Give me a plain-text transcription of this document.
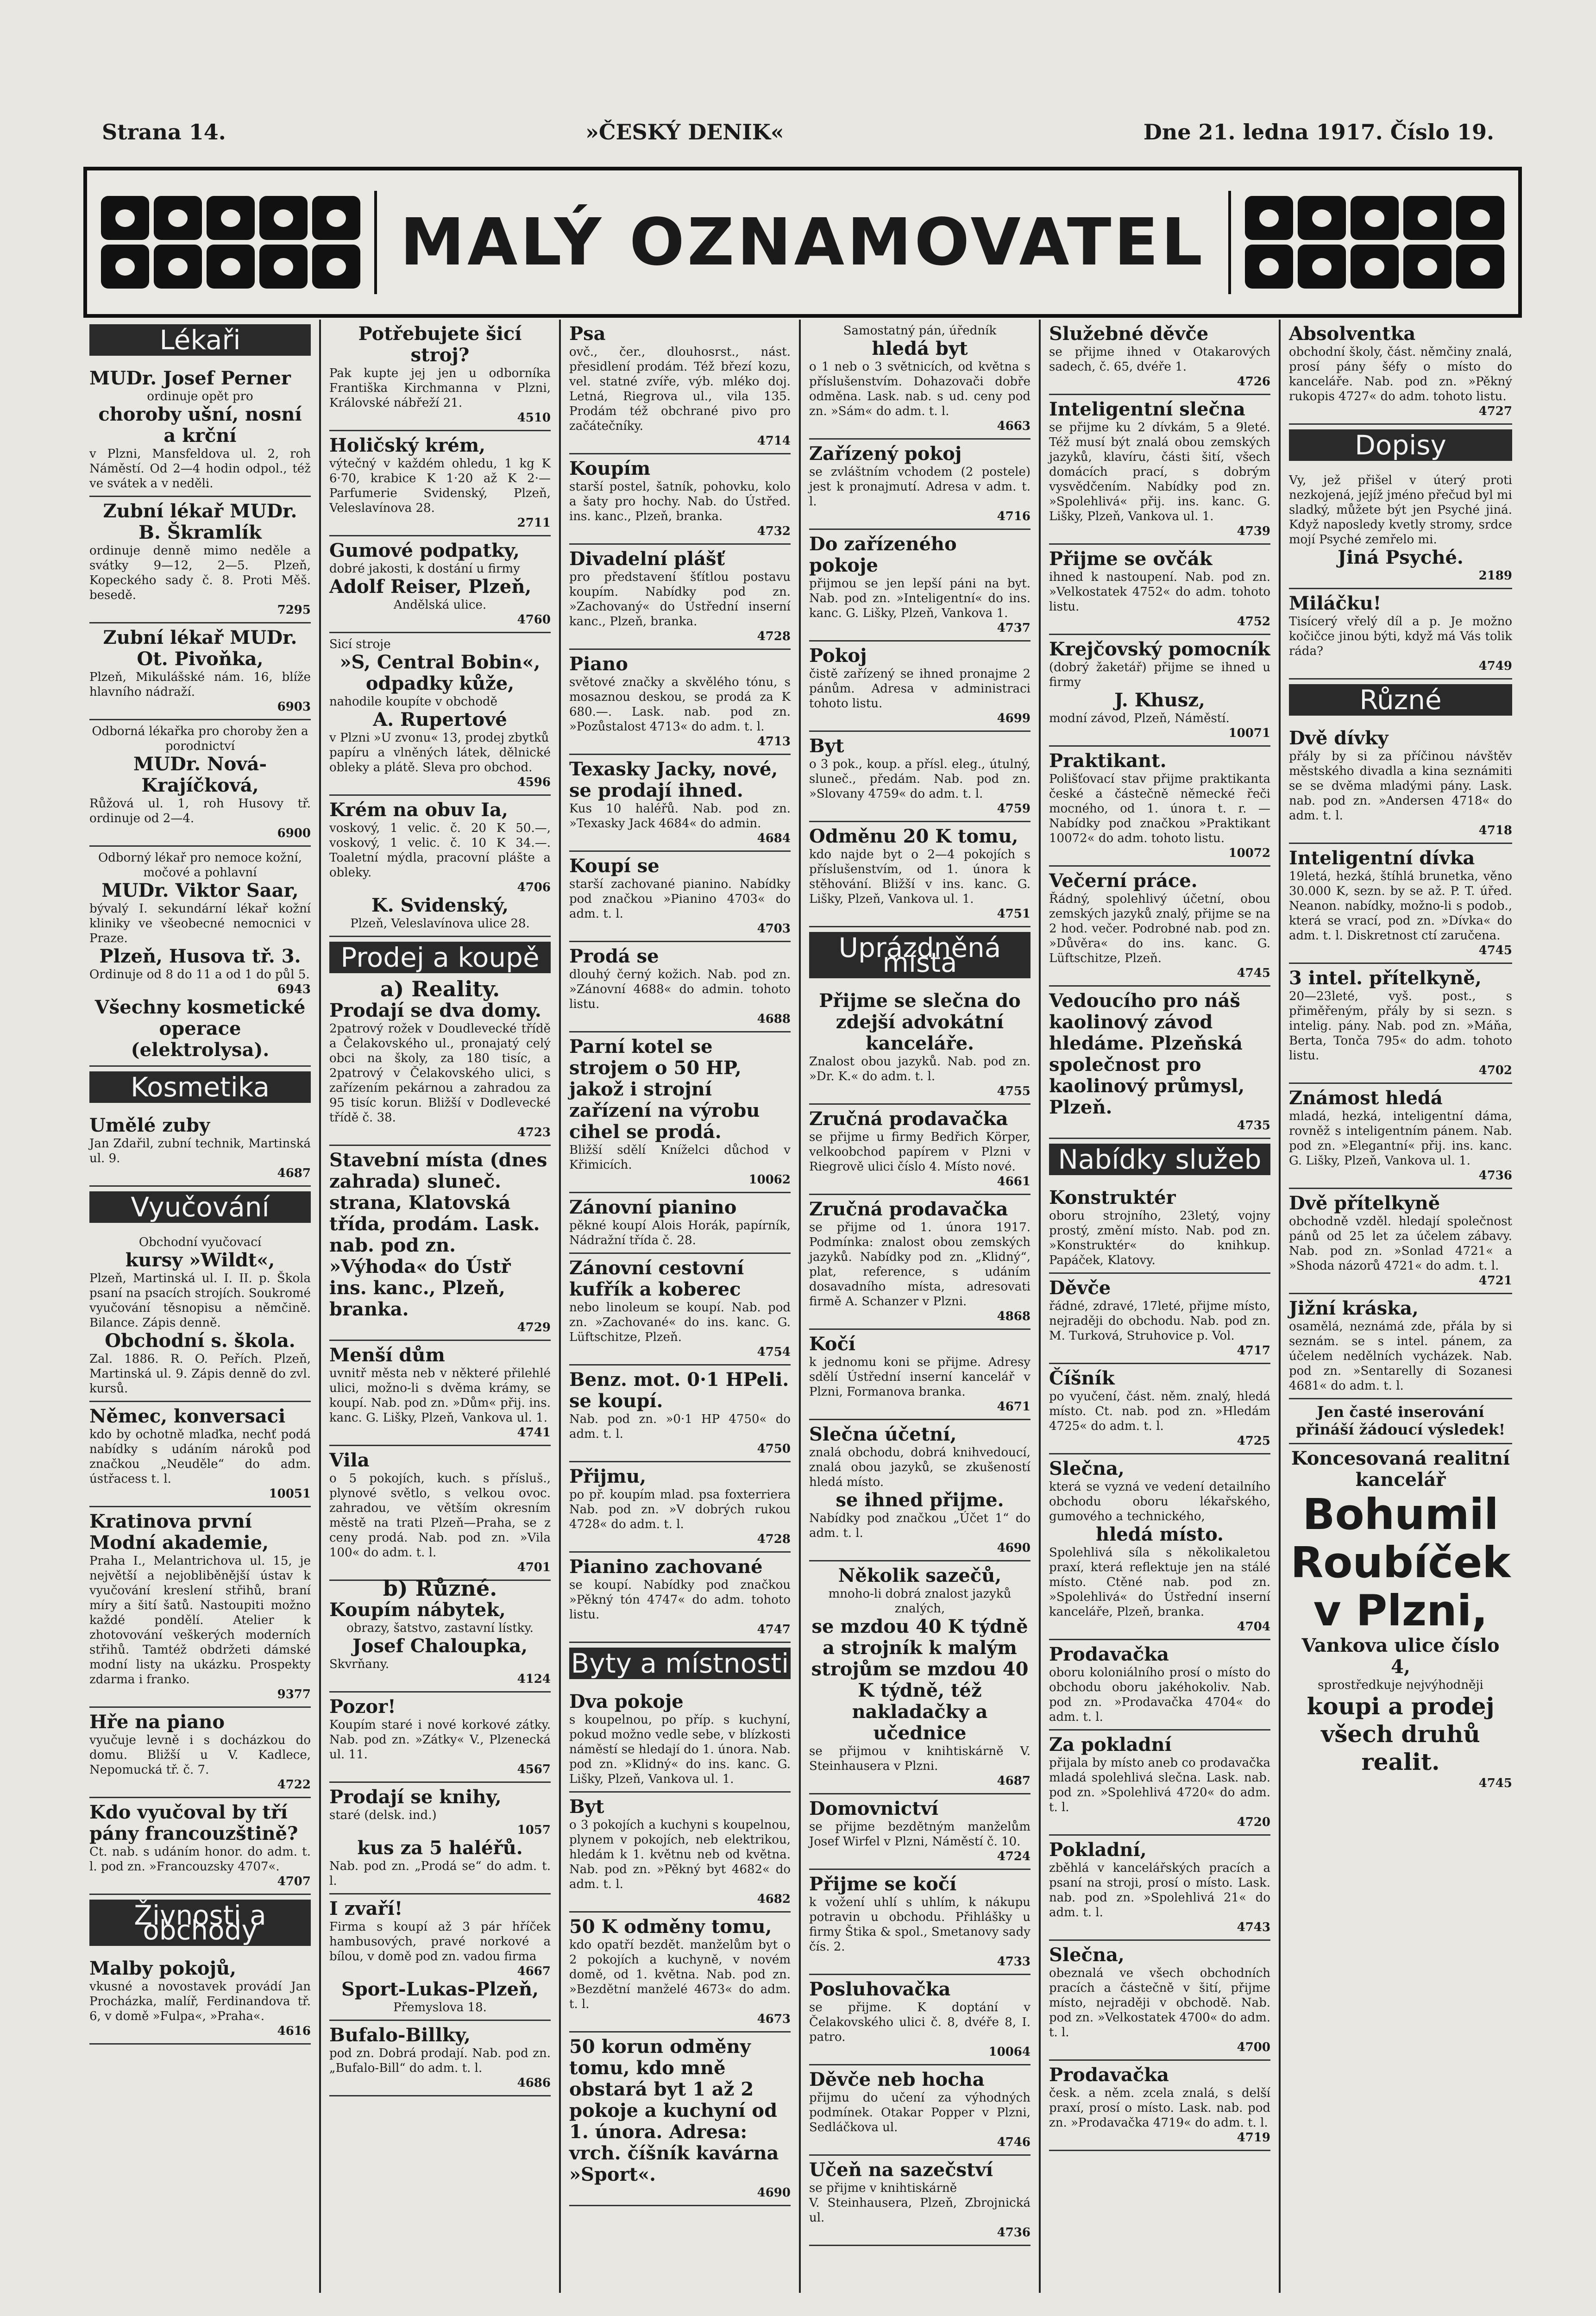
Strana 14.	»ČESKÝ DENIK«	Dne 21. ledna 1917. Číslo 19.
MALÝ OZNAMOVATEL
Lékaři
MUDr. Josef Perner
ordinuje opět pro
choroby ušní, nosní a krční
v Plzni, Mansfeldova ul. 2, roh Náměstí. Od 2—4 hodin odpol., též ve svátek a v neděli.
Zubní lékař MUDr. B. Škramlík
ordinuje denně mimo neděle a svátky 9—12, 2—5. Plzeň, Kopeckého sady č. 8. Proti Měš. besedě.
7295
Zubní lékař MUDr. Ot. Pivoňka,
Plzeň, Mikulášské nám. 16, blíže hlavního nádraží.
6903
Odborná lékařka pro choroby žen a porodnictví
MUDr. Nová-Krajíčková,
Růžová ul. 1, roh Husovy tř. ordinuje od 2—4.
6900
Odborný lékař pro nemoce kožní, močové a pohlavní
MUDr. Viktor Saar,
bývalý I. sekundární lékař kožní kliniky ve všeobecné nemocnici v Praze.
Plzeň, Husova tř. 3.
Ordinuje od 8 do 11 a od 1 do půl 5.
6943
Všechny kosmetické operace (elektrolysa).
Kosmetika
Umělé zuby
Jan Zdařil, zubní technik, Martinská ul. 9.
4687
Vyučování
Obchodní vyučovací
kursy »Wildt«,
Plzeň, Martinská ul. I. II. p. Škola psaní na psacích strojích. Soukromé vyučování těsnopisu a němčině. Bilance. Zápis denně.
Obchodní s. škola.
Zal. 1886. R. O. Peřích. Plzeň, Martinská ul. 9. Zápis denně do zvl. kursů.
Němec, konversaci
kdo by ochotně mlaďka, nechť podá nabídky s udáním nároků pod značkou „Neuděle“ do adm. ústřacess t. l.
10051
Kratinova první Modní akademie,
Praha I., Melantrichova ul. 15, je největší a nejobliběnější ústav k vyučování kreslení střihů, braní míry a šití šatů. Nastoupiti možno každé pondělí. Atelier k zhotovování veškerých moderních střihů. Tamtéž obdržeti dámské modní listy na ukázku. Prospekty zdarma i franko.
9377
Hře na piano
vyučuje levně i s docházkou do domu. Bližší u V. Kadlece, Nepomucká tř. č. 7.
4722
Kdo vyučoval by tří pány francouzštině?
Ct. nab. s udáním honor. do adm. t. l. pod zn. »Francouzsky 4707«.
4707
Živnosti a obchody
Malby pokojů,
vkusné a novostavek provádí Jan Procházka, malíř, Ferdinandova tř. 6, v domě »Fulpa«, »Praha«.
4616
Potřebujete šicí stroj?
Pak kupte jej jen u odborníka Františka Kirchmanna v Plzni, Královské nábřeží 21.
4510
Holičský krém,
výtečný v každém ohledu, 1 kg K 6·70, krabice K 1·20 až K 2·— Parfumerie Svidenský, Plzeň, Veleslavínova 28.
2711
Gumové podpatky,
dobré jakosti, k dostání u firmy
Adolf Reiser, Plzeň,
Andělská ulice.
4760
Sicí stroje
»S, Central Bobin«, odpadky kůže,
nahodile koupíte v obchodě
A. Rupertové
v Plzni »U zvonu« 13, prodej zbytků
papíru a vlněných látek, dělnické obleky a plátě. Sleva pro obchod.
4596
Krém na obuv Ia,
voskový, 1 velic. č. 20 K 50.—, voskový, 1 velic. č. 10 K 34.—. Toaletní mýdla, pracovní plášte a obleky.
4706
K. Svidenský,
Plzeň, Veleslavínova ulice 28.
Prodej a koupě
a) Reality.
Prodají se dva domy.
2patrový rožek v Doudlevecké třídě a Čelakovského ul., pronajatý celý obci na školy, za 180 tisíc, a 2patrový v Čelakovského ulici, s zařízením pekárnou a zahradou za 95 tisíc korun. Bližší v Dodlevecké třídě č. 38.
4723
Stavební místa (dnes zahrada) sluneč. strana, Klatovská třída, prodám. Lask. nab. pod zn. »Výhoda« do Ústř ins. kanc., Plzeň, branka.
4729
Menší dům
uvnitř města neb v některé přilehlé ulici, možno-li s dvěma krámy, se koupí. Nab. pod zn. »Dům« přij. ins. kanc. G. Lišky, Plzeň, Vankova ul. 1.
4741
Vila
o 5 pokojích, kuch. s přísluš., plynové světlo, s velkou ovoc. zahradou, ve větším okresním městě na trati Plzeň—Praha, se z ceny prodá. Nab. pod zn. »Vila 100« do adm. t. l.
4701
b) Různé.
Koupím nábytek,
obrazy, šatstvo, zastavní lístky.
Josef Chaloupka,
Skvrňany.
4124
Pozor!
Koupím staré i nové korkové zátky. Nab. pod zn. »Zátky« V., Plzenecká ul. 11.
4567
Prodají se knihy,
staré (delsk. ind.)
1057
kus za 5 haléřů.
Nab. pod zn. „Prodá se“ do adm. t. l.
I zvaří!
Firma s koupí až 3 pár hříček hambusových, pravé norkové a bílou, v domě pod zn. vadou firma
4667
Sport-Lukas-Plzeň,
Přemyslova 18.
Bufalo-Billky,
pod zn. Dobrá prodají. Nab. pod zn. „Bufalo-Bill“ do adm. t. l.
4686
Psa
ovč., čer., dlouhosrst., nást. přesidlení prodám. Též březí kozu, vel. statné zvíře, výb. mléko doj. Letná, Riegrova ul., vila 135. Prodám též obchrané pivo pro začátečníky.
4714
Koupím
starší postel, šatník, pohovku, kolo a šaty pro hochy. Nab. do Ústřed. ins. kanc., Plzeň, branka.
4732
Divadelní plášť
pro představení šťítlou postavu koupím. Nabídky pod zn. »Zachovaný« do Ústřední inserní kanc., Plzeň, branka.
4728
Piano
světové značky a skvělého tónu, s mosaznou deskou, se prodá za K 680.—. Lask. nab. pod zn. »Pozůstalost 4713« do adm. t. l.
4713
Texasky Jacky, nové, se prodají ihned.
Kus 10 haléřů. Nab. pod zn. »Texasky Jack 4684« do admin.
4684
Koupí se
starší zachované pianino. Nabídky pod značkou »Pianino 4703« do adm. t. l.
4703
Prodá se
dlouhý černý kožich. Nab. pod zn. »Zánovní 4688« do admin. tohoto listu.
4688
Parní kotel se strojem o 50 HP, jakož i strojní zařízení na výrobu cihel se prodá.
Bližší sdělí Kníželci důchod v Křimicích.
10062
Zánovní pianino
pěkné koupí Alois Horák, papírník, Nádražní třída č. 28.
Zánovní cestovní kufřík a koberec
nebo linoleum se koupí. Nab. pod zn. »Zachované« do ins. kanc. G. Lüftschitze, Plzeň.
4754
Benz. mot. 0·1 HPeli. se koupí.
Nab. pod zn. »0·1 HP 4750« do adm. t. l.
4750
Přijmu,
po př. koupím mlad. psa foxterriera Nab. pod zn. »V dobrých rukou 4728« do adm. t. l.
4728
Pianino zachované
se koupí. Nabídky pod značkou »Pěkný tón 4747« do adm. tohoto listu.
4747
Byty a místnosti
Dva pokoje
s koupelnou, po příp. s kuchyní, pokud možno vedle sebe, v blízkosti náměstí se hledají do 1. února. Nab. pod zn. »Klidný« do ins. kanc. G. Lišky, Plzeň, Vankova ul. 1.
Byt
o 3 pokojích a kuchyni s koupelnou, plynem v pokojích, neb elektrikou, hledám k 1. květnu neb od května. Nab. pod zn. »Pěkný byt 4682« do adm. t. l.
4682
50 K odměny tomu,
kdo opatří bezdět. manželům byt o 2 pokojích a kuchyně, v novém domě, od 1. května. Nab. pod zn. »Bezdětní manželé 4673« do adm. t. l.
4673
50 korun odměny tomu, kdo mně obstará byt 1 až 2 pokoje a kuchyní od 1. února. Adresa: vrch. číšník kavárna »Sport«.
4690
Samostatný pán, úředník
hledá byt
o 1 neb o 3 světnicích, od května s příslušenstvím. Dohazovači dobře odměna. Lask. nab. s ud. ceny pod zn. »Sám« do adm. t. l.
4663
Zařízený pokoj
se zvláštním vchodem (2 postele) jest k pronajmutí. Adresa v adm. t. l.
4716
Do zařízeného pokoje
přijmou se jen lepší páni na byt. Nab. pod zn. »Inteligentní« do ins. kanc. G. Lišky, Plzeň, Vankova 1.
4737
Pokoj
čistě zařízený se ihned pronajme 2 pánům. Adresa v administraci tohoto listu.
4699
Byt
o 3 pok., koup. a přísl. eleg., útulný, sluneč., předám. Nab. pod zn. »Slovany 4759« do adm. t. l.
4759
Odměnu 20 K tomu,
kdo najde byt o 2—4 pokojích s příslušenstvím, od 1. února k stěhování. Bližší v ins. kanc. G. Lišky, Plzeň, Vankova ul. 1.
4751
Uprázdněná místa
Přijme se slečna do zdejší advokátní kanceláře.
Znalost obou jazyků. Nab. pod zn. »Dr. K.« do adm. t. l.
4755
Zručná prodavačka
se přijme u firmy Bedřich Körper, velkoobchod papírem v Plzni v Riegrově ulici číslo 4. Místo nové.
4661
Zručná prodavačka
se přijme od 1. února 1917. Podmínka: znalost obou zemských jazyků. Nabídky pod zn. „Klidný“, plat, reference, s udáním dosavadního místa, adresovati firmě A. Schanzer v Plzni.
4868
Kočí
k jednomu koni se přijme. Adresy sdělí Ústřední inserní kancelář v Plzni, Formanova branka.
4671
Slečna účetní,
znalá obchodu, dobrá knihvedoucí, znalá obou jazyků, se zkušeností hledá místo.
se ihned přijme.
Nabídky pod značkou „Účet 1“ do adm. t. l.
4690
Několik sazečů,
mnoho-li dobrá znalost jazyků znalých,
se mzdou 40 K týdně a strojník k malým strojům se mzdou 40 K týdně, též nakladačky a učednice
se přijmou v knihtiskárně V. Steinhausera v Plzni.
4687
Domovnictví
se přijme bezdětným manželům Josef Wirfel v Plzni, Náměstí č. 10.
4724
Přijme se kočí
k vožení uhlí s uhlím, k nákupu potravin u obchodu. Přihlášky u firmy Štika & spol., Smetanovy sady čís. 2.
4733
Posluhovačka
se přijme. K doptání v Čelakovského ulici č. 8, dvéře 8, I. patro.
10064
Děvče neb hocha
přijmu do učení za výhodných podmínek. Otakar Popper v Plzni, Sedláčkova ul.
4746
Učeň na sazečství
se přijme v knihtiskárně
V. Steinhausera, Plzeň, Zbrojnická ul.
4736
Služebné děvče
se přijme ihned v Otakarových sadech, č. 65, dvéře 1.
4726
Inteligentní slečna
se přijme ku 2 dívkám, 5 a 9leté. Též musí být znalá obou zemských jazyků, klavíru, části šití, všech domácích prací, s dobrým vysvědčením. Nabídky pod zn. »Spolehlivá« přij. ins. kanc. G. Lišky, Plzeň, Vankova ul. 1.
4739
Přijme se ovčák
ihned k nastoupení. Nab. pod zn. »Velkostatek 4752« do adm. tohoto listu.
4752
Krejčovský pomocník
(dobrý žaketář) přijme se ihned u firmy
J. Khusz,
modní závod, Plzeň, Náměstí.
10071
Praktikant.
Polišťovací stav přijme praktikanta české a částečně německé řeči mocného, od 1. února t. r. — Nabídky pod značkou »Praktikant 10072« do adm. tohoto listu.
10072
Večerní práce.
Řádný, spolehlivý účetní, obou zemských jazyků znalý, přijme se na 2 hod. večer. Podrobné nab. pod zn. »Důvěra« do ins. kanc. G. Lüftschitze, Plzeň.
4745
Vedoucího pro náš kaolinový závod hledáme. Plzeňská společnost pro kaolinový průmysl, Plzeň.
4735
Nabídky služeb
Konstruktér
oboru strojního, 23letý, vojny prostý, změní místo. Nab. pod zn. »Konstruktér« do knihkup. Papáček, Klatovy.
Děvče
řádné, zdravé, 17leté, přijme místo, nejraději do obchodu. Nab. pod zn. M. Turková, Struhovice p. Vol.
4717
Číšník
po vyučení, část. něm. znalý, hledá místo. Ct. nab. pod zn. »Hledám 4725« do adm. t. l.
4725
Slečna,
která se vyzná ve vedení detailního obchodu oboru lékařského, gumového a technického,
hledá místo.
Spolehlivá síla s několikaletou praxí, která reflektuje jen na stálé místo. Ctěné nab. pod zn. »Spolehlivá« do Ústřední inserní kanceláře, Plzeň, branka.
4704
Prodavačka
oboru koloniálního prosí o místo do obchodu oboru jakéhokoliv. Nab. pod zn. »Prodavačka 4704« do adm. t. l.
Za pokladní
přijala by místo aneb co prodavačka mladá spolehlivá slečna. Lask. nab. pod zn. »Spolehlivá 4720« do adm. t. l.
4720
Pokladní,
zběhlá v kancelářských pracích a psaní na stroji, prosí o místo. Lask. nab. pod zn. »Spolehlivá 21« do adm. t. l.
4743
Slečna,
obeznalá ve všech obchodních pracích a částečně v šití, přijme místo, nejraději v obchodě. Nab. pod zn. »Velkostatek 4700« do adm. t. l.
4700
Prodavačka
česk. a něm. zcela znalá, s delší praxí, prosí o místo. Lask. nab. pod zn. »Prodavačka 4719« do adm. t. l.
4719
Absolventka
obchodní školy, část. němčiny znalá, prosí pány šéfy o místo do kanceláře. Nab. pod zn. »Pěkný rukopis 4727« do adm. tohoto listu.
4727
Dopisy
Vy, jež přišel v úterý proti nezkojená, jejíž jméno přečud byl mi sladký, můžete být jen Psyché jiná. Když naposledy kvetly stromy, srdce mojí Psyché zemřelo mi.
Jiná Psyché.
2189
Miláčku!
Tisícerý vřelý díl a p. Je možno kočičce jinou býti, když má Vás tolik ráda?
4749
Různé
Dvě dívky
přály by si za příčinou návštěv městského divadla a kina seznámiti se se dvěma mladými pány. Lask. nab. pod zn. »Andersen 4718« do adm. t. l.
4718
Inteligentní dívka
19letá, hezká, štíhlá brunetka, věno 30.000 K, sezn. by se až. P. T. úřed. Neanon. nabídky, možno-li s podob., která se vrací, pod zn. »Dívka« do adm. t. l. Diskretnost ctí zaručena.
4745
3 intel. přítelkyně,
20—23leté, vyš. post., s přiměřeným, přály by si sezn. s intelig. pány. Nab. pod zn. »Máňa, Berta, Tonča 795« do adm. tohoto listu.
4702
Známost hledá
mladá, hezká, inteligentní dáma, rovněž s inteligentním pánem. Nab. pod zn. »Elegantní« přij. ins. kanc. G. Lišky, Plzeň, Vankova ul. 1.
4736
Dvě přítelkyně
obchodně vzděl. hledají společnost pánů od 25 let za účelem zábavy. Nab. pod zn. »Sonlad 4721« a »Shoda názorů 4721« do adm. t. l.
4721
Jižní kráska,
osamělá, neznámá zde, přála by si seznám. se s intel. pánem, za účelem nedělních vycházek. Nab. pod zn. »Sentarelly di Sozanesi 4681« do adm. t. l.
Jen časté inserování přináší žádoucí výsledek!
Koncesovaná realitní kancelář
Bohumil
Roubíček
v Plzni,
Vankova ulice číslo 4,
sprostředkuje nejvýhodněji
koupi a prodej všech druhů realit.
4745
